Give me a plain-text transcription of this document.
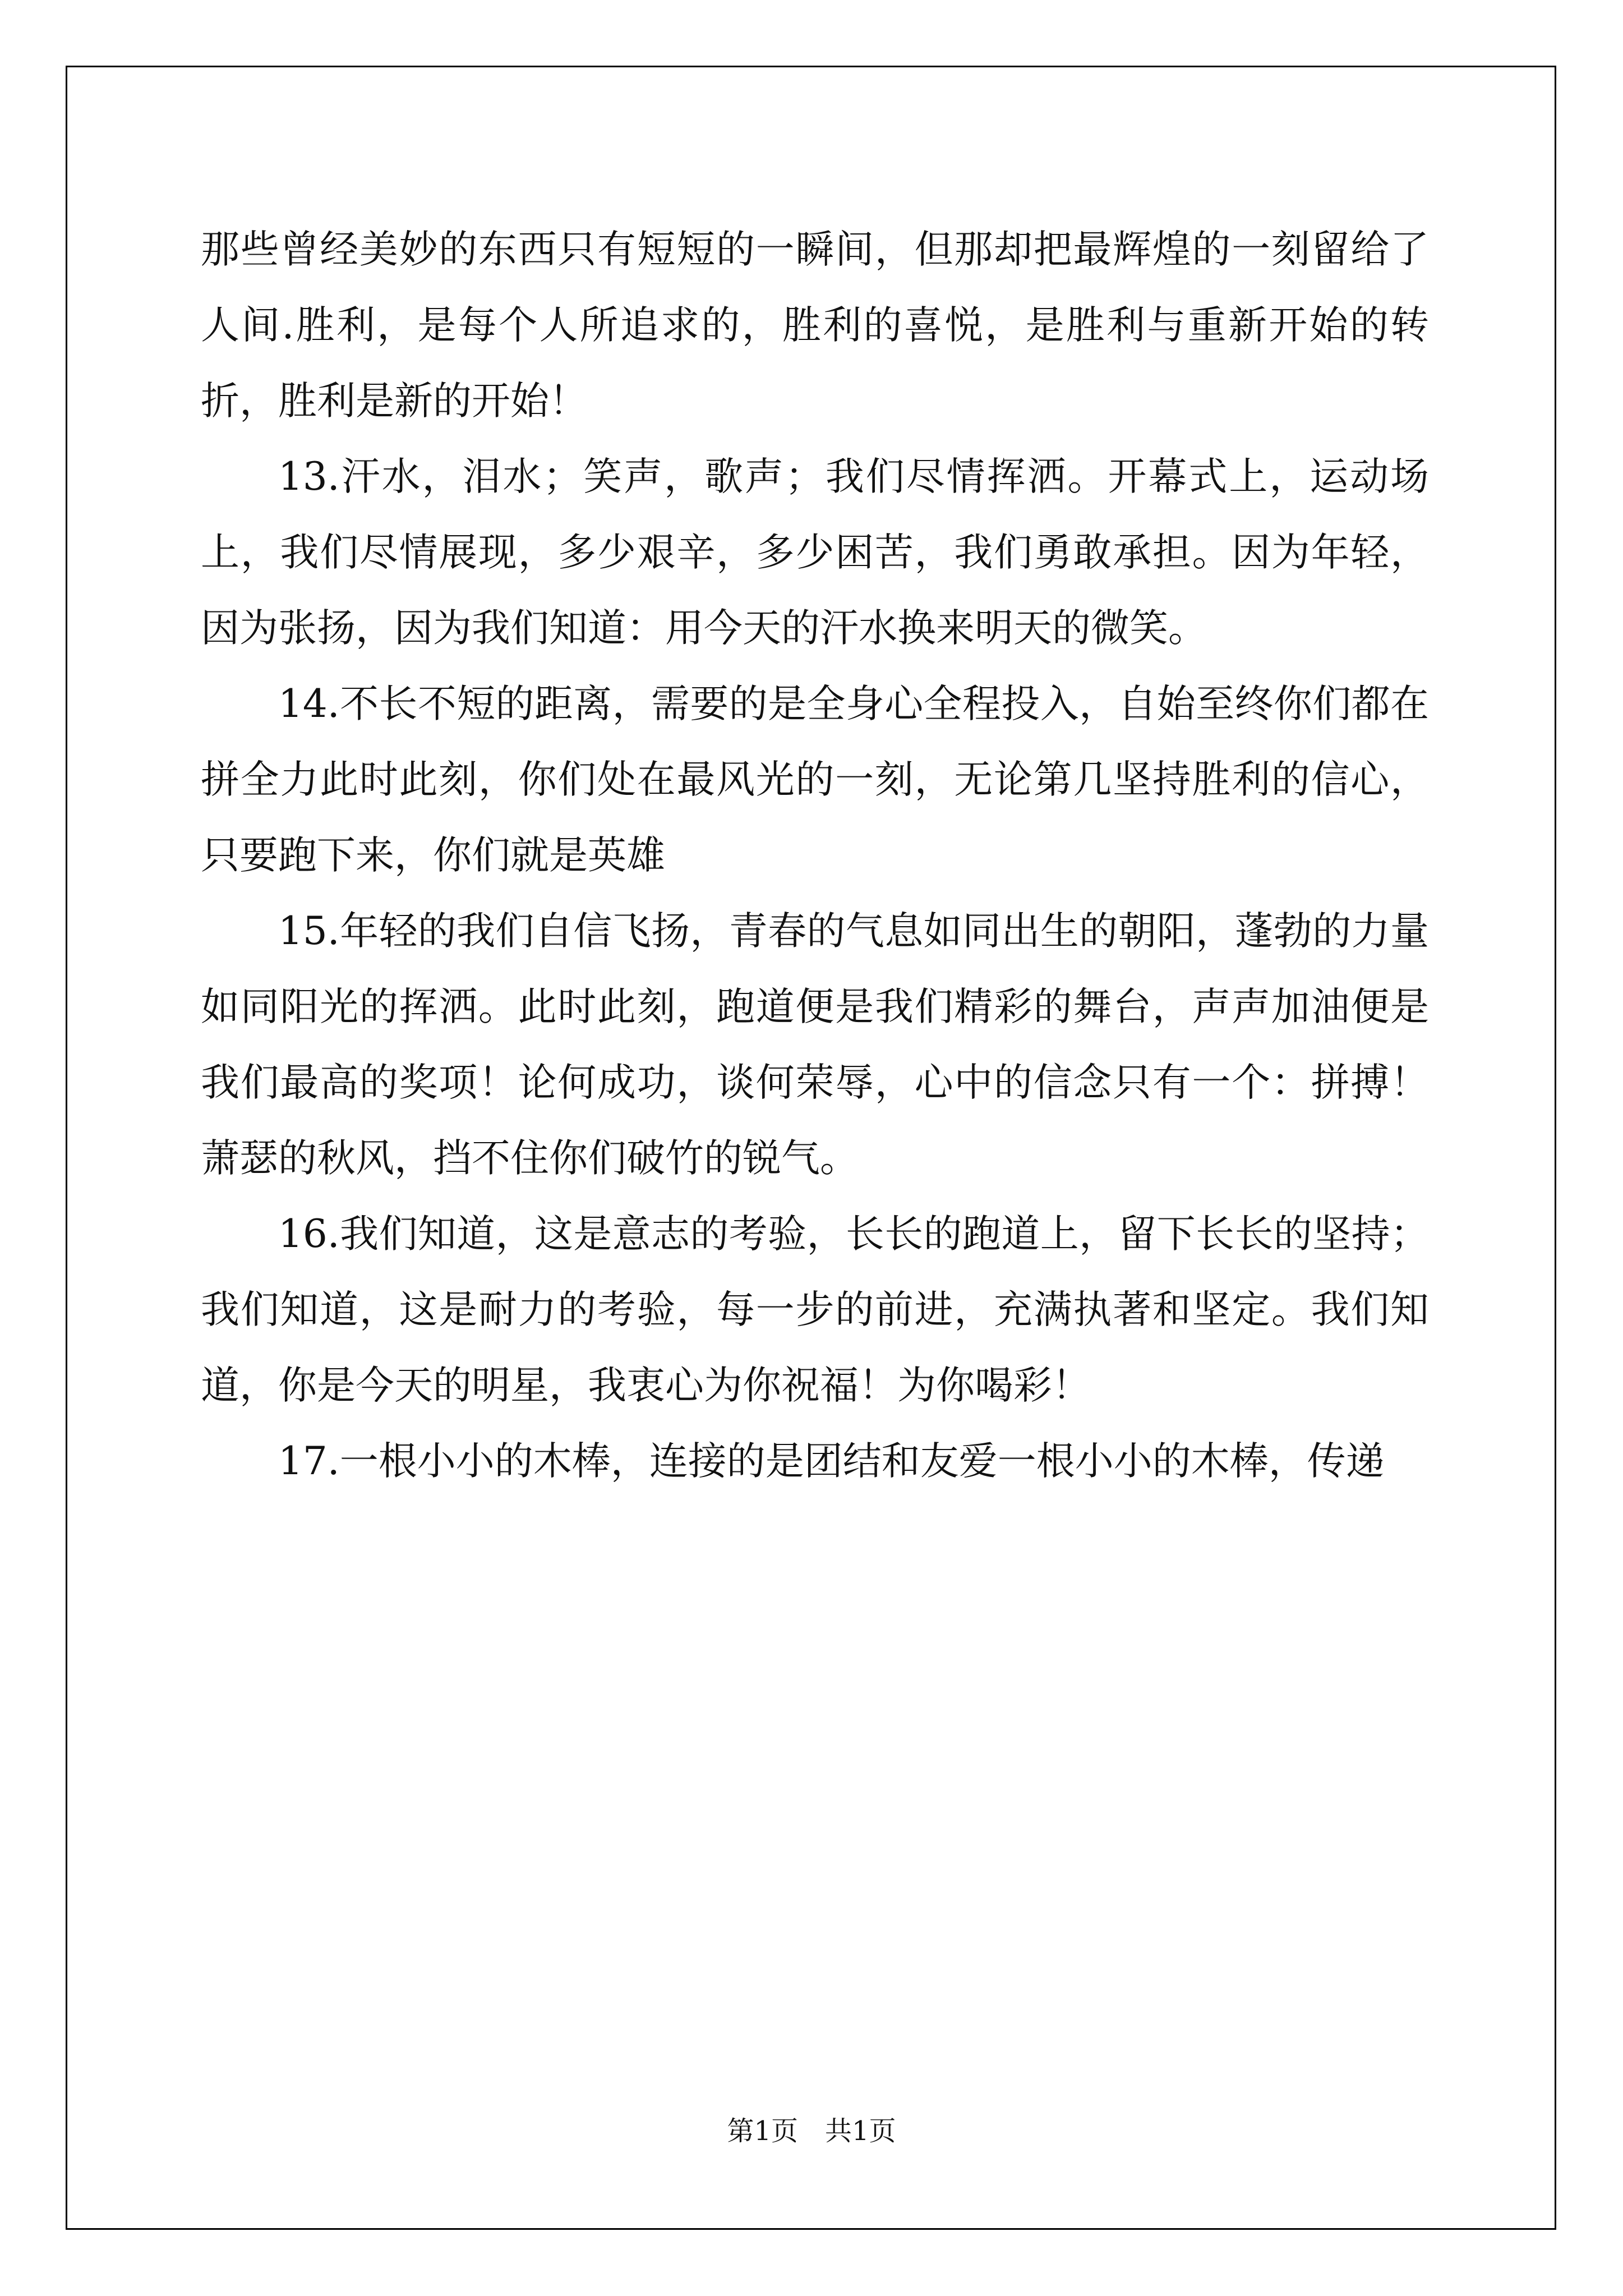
那些曾经美妙的东西只有短短的一瞬间，但那却把最辉煌的一刻留给了人间.胜利，是每个人所追求的，胜利的喜悦，是胜利与重新开始的转折，胜利是新的开始！

13.汗水，泪水；笑声，歌声；我们尽情挥洒。开幕式上，运动场上，我们尽情展现，多少艰辛，多少困苦，我们勇敢承担。因为年轻，因为张扬，因为我们知道：用今天的汗水换来明天的微笑。

14.不长不短的距离，需要的是全身心全程投入，自始至终你们都在拼全力此时此刻，你们处在最风光的一刻，无论第几坚持胜利的信心，只要跑下来，你们就是英雄

15.年轻的我们自信飞扬，青春的气息如同出生的朝阳，蓬勃的力量如同阳光的挥洒。此时此刻，跑道便是我们精彩的舞台，声声加油便是我们最高的奖项！论何成功，谈何荣辱，心中的信念只有一个：拼搏！萧瑟的秋风，挡不住你们破竹的锐气。

16.我们知道，这是意志的考验，长长的跑道上，留下长长的坚持；我们知道，这是耐力的考验，每一步的前进，充满执著和坚定。我们知道，你是今天的明星，我衷心为你祝福！为你喝彩！

17.一根小小的木棒，连接的是团结和友爱一根小小的木棒，传递

第1页　共1页
